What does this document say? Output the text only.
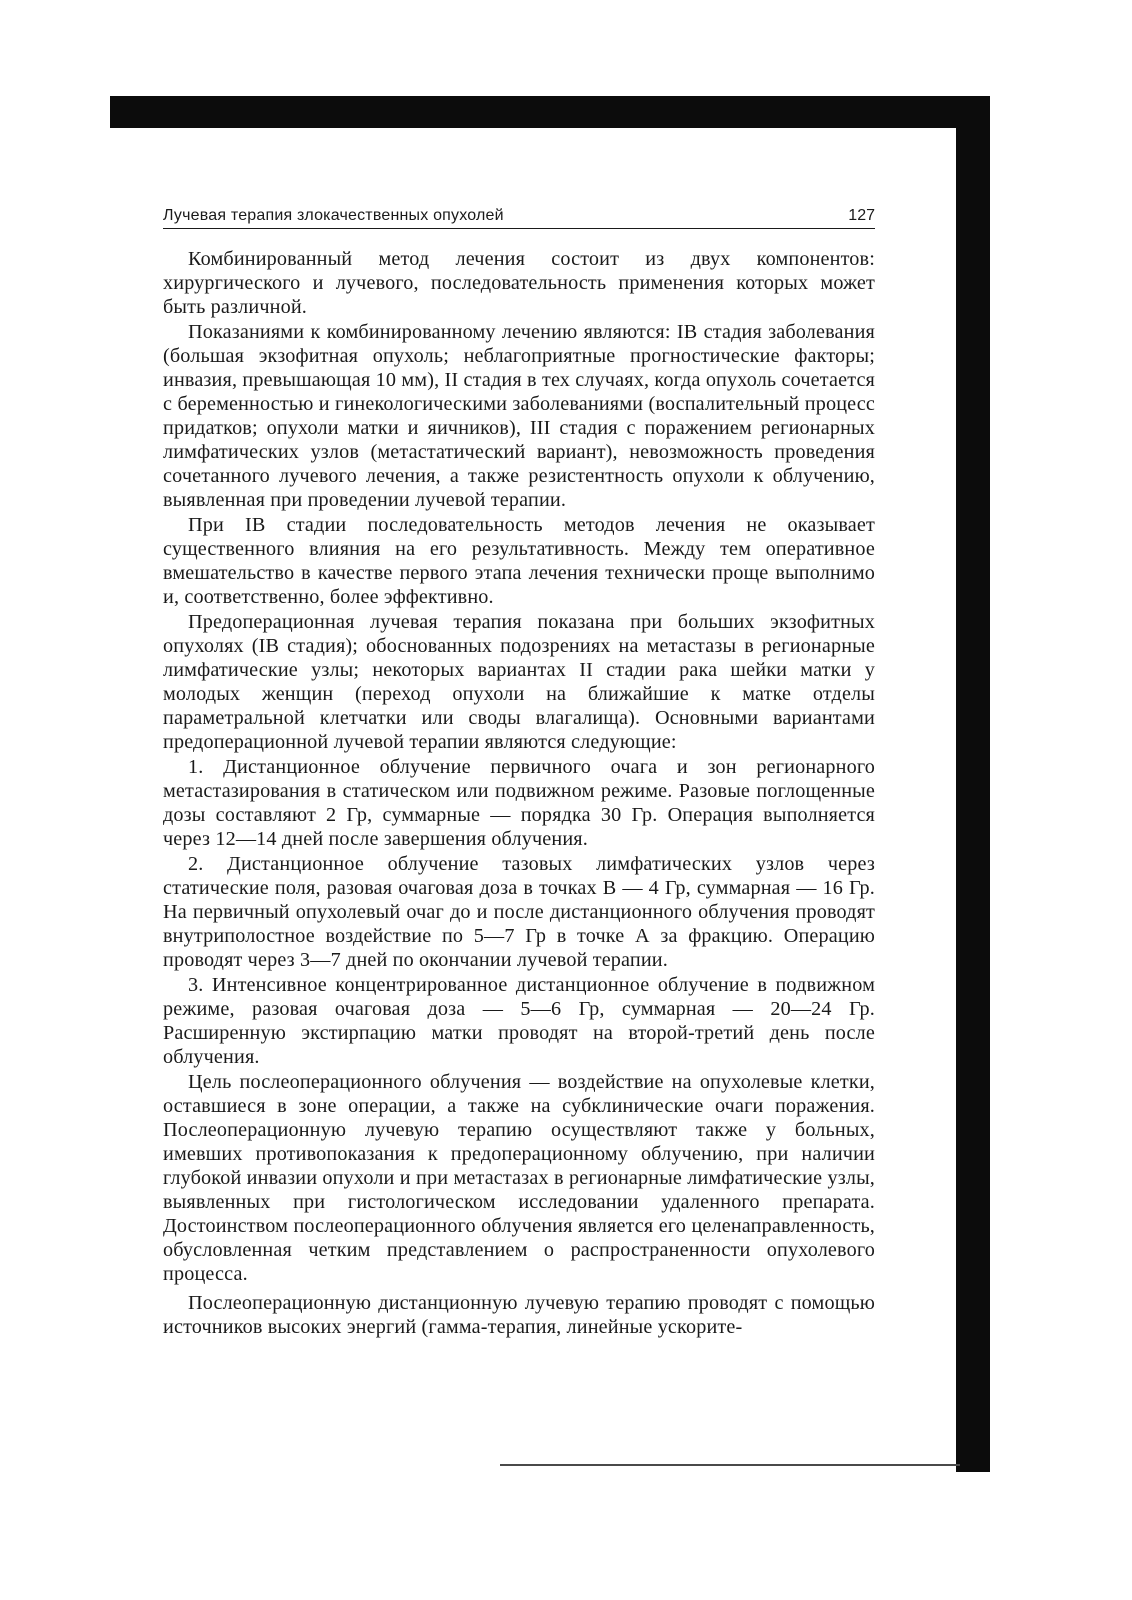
Лучевая терапия злокачественных опухолей	127

Комбинированный метод лечения состоит из двух компонентов: хирургического и лучевого, последовательность применения которых может быть различной.

Показаниями к комбинированному лечению являются: IB стадия заболевания (большая экзофитная опухоль; неблагоприятные прогностические факторы; инвазия, превышающая 10 мм), II стадия в тех случаях, когда опухоль сочетается с беременностью и гинекологическими заболеваниями (воспалительный процесс придатков; опухоли матки и яичников), III стадия с поражением регионарных лимфатических узлов (метастатический вариант), невозможность проведения сочетанного лучевого лечения, а также резистентность опухоли к облучению, выявленная при проведении лучевой терапии.

При IB стадии последовательность методов лечения не оказывает существенного влияния на его результативность. Между тем оперативное вмешательство в качестве первого этапа лечения технически проще выполнимо и, соответственно, более эффективно.

Предоперационная лучевая терапия показана при больших экзофитных опухолях (IB стадия); обоснованных подозрениях на метастазы в регионарные лимфатические узлы; некоторых вариантах II стадии рака шейки матки у молодых женщин (переход опухоли на ближайшие к матке отделы параметральной клетчатки или своды влагалища). Основными вариантами предоперационной лучевой терапии являются следующие:

1. Дистанционное облучение первичного очага и зон регионарного метастазирования в статическом или подвижном режиме. Разовые поглощенные дозы составляют 2 Гр, суммарные — порядка 30 Гр. Операция выполняется через 12—14 дней после завершения облучения.

2. Дистанционное облучение тазовых лимфатических узлов через статические поля, разовая очаговая доза в точках В — 4 Гр, суммарная — 16 Гр. На первичный опухолевый очаг до и после дистанционного облучения проводят внутриполостное воздействие по 5—7 Гр в точке А за фракцию. Операцию проводят через 3—7 дней по окончании лучевой терапии.

3. Интенсивное концентрированное дистанционное облучение в подвижном режиме, разовая очаговая доза — 5—6 Гр, суммарная — 20—24 Гр. Расширенную экстирпацию матки проводят на второй-третий день после облучения.

Цель послеоперационного облучения — воздействие на опухолевые клетки, оставшиеся в зоне операции, а также на субклинические очаги поражения. Послеоперационную лучевую терапию осуществляют также у больных, имевших противопоказания к предоперационному облучению, при наличии глубокой инвазии опухоли и при метастазах в регионарные лимфатические узлы, выявленных при гистологическом исследовании удаленного препарата. Достоинством послеоперационного облучения является его целенаправленность, обусловленная четким представлением о распространенности опухолевого процесса.

Послеоперационную дистанционную лучевую терапию проводят с помощью источников высоких энергий (гамма-терапия, линейные ускорите-
